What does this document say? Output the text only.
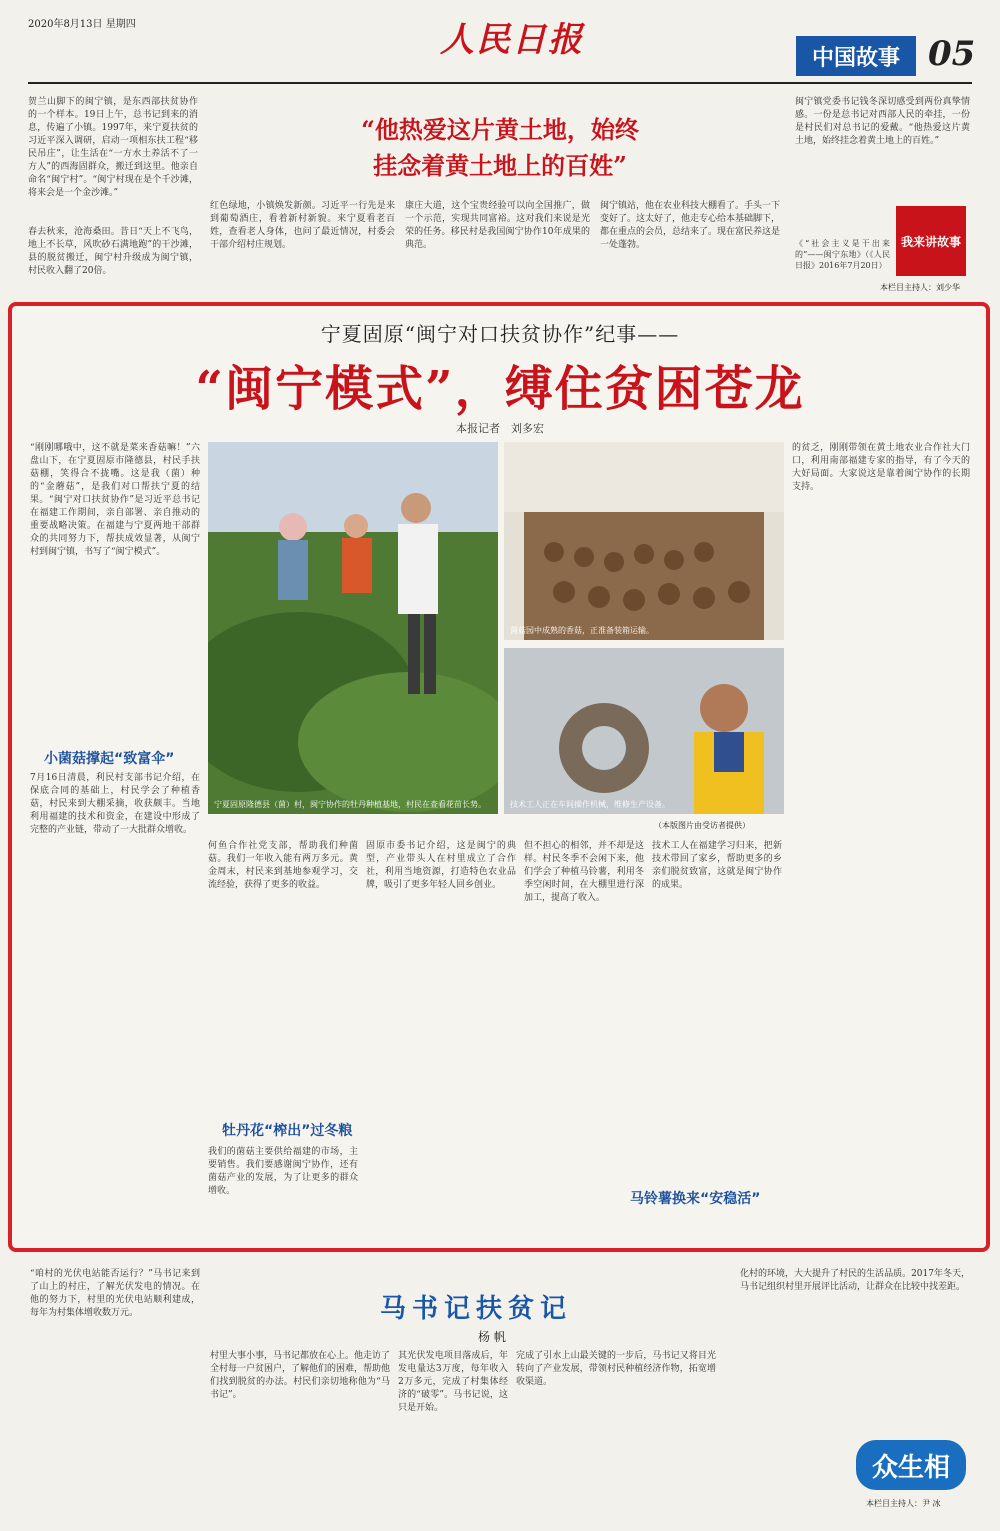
2020年8月13日 星期四	人民日报	中国故事 05
贺兰山脚下的闽宁镇，是东西部扶贫协作的一个样本。19日上午，总书记到来的消息，传遍了小镇。1997年，来宁夏扶贫的习近平深入调研，启动一项相东扶工程“移民吊庄”，让生活在“一方水土养活不了一方人”的西海固群众，搬迁到这里。他亲自命名“闽宁村”。“闽宁村现在是个千沙滩，将来会是一个金沙滩。”
“他热爱这片黄土地，始终
挂念着黄土地上的百姓”
春去秋来，沧海桑田。昔日“天上不飞鸟，地上不长草，风吹砂石满地跑”的干沙滩，县的脱贫搬迁，闽宁村升级成为闽宁镇，村民收入翻了20倍。
红色绿地，小镇焕发新颜。习近平一行先是来到葡萄酒庄，看着新村新貌。来宁夏看老百姓，查看老人身体，也问了最近情况，村委会干部介绍村庄规划。
康庄大道，这个宝贵经验可以向全国推广，做一个示范，实现共同富裕。这对我们来说是光荣的任务。移民村是我国闽宁协作10年成果的典范。
闽宁镇站，他在农业科技大棚看了。手头一下变好了。这太好了，他走专心给本基础脚下，都在重点的会员，总结来了。现在富民养这是一处蓬勃。
闽宁镇党委书记钱冬深切感受到两份真挚情感。一份是总书记对西部人民的牵挂，一份是村民们对总书记的爱戴。“他热爱这片黄土地，始终挂念着黄土地上的百姓。”
《“社会主义是干出来的”——闽宁东地》（《人民日报》2016年7月20日）
我来讲故事
本栏目主持人：刘少华
宁夏固原“闽宁对口扶贫协作”纪事——
“闽宁模式”，缚住贫困苍龙
本报记者　刘多宏
“刚刚哪哦中，这不就是菜来香菇嘛！”六盘山下，在宁夏固原市隆德县，村民手扶菇棚，笑得合不拢嘴。这是我（菌）种的“金蘑菇”，是我们对口帮扶宁夏的结果。“闽宁对口扶贫协作”是习近平总书记在福建工作期间，亲自部署、亲自推动的重要战略决策。在福建与宁夏两地干部群众的共同努力下，帮扶成效显著，从闽宁村到闽宁镇，书写了“闽宁模式”。
小菌菇撑起“致富伞”
7月16日清晨，利民村支部书记介绍，在保底合同的基础上，村民学会了种植香菇，村民来到大棚采摘，收获颇丰。当地利用福建的技术和资金，在建设中形成了完整的产业链，带动了一大批群众增收。
宁夏固原隆德县（菌）村，闽宁协作的牡丹种植基地，村民在查看花苗长势。
菌菇园中成熟的香菇，正准备装箱运输。
技术工人正在车间操作机械，维修生产设备。
（本版图片由受访者提供）
的贫乏，刚刚带领在黄土地农业合作社大门口，利用南部福建专家的指导，有了今天的大好局面。大家说这是靠着闽宁协作的长期支持。
何鱼合作社党支部，帮助我们种菌菇。我们一年收入能有两万多元。黄金周末，村民来到基地参观学习，交流经验，获得了更多的收益。
牡丹花“榨出”过冬粮
我们的菌菇主要供给福建的市场，主要销售。我们要感谢闽宁协作，还有菌菇产业的发展，为了让更多的群众增收。
固原市委书记介绍，这是闽宁的典型，产业带头人在村里成立了合作社，利用当地资源，打造特色农业品牌，吸引了更多年轻人回乡创业。
但不担心的相邻，并不却是这样。村民冬季不会闲下来，他们学会了种植马铃薯，利用冬季空闲时间，在大棚里进行深加工，提高了收入。
技术工人在福建学习归来，把新技术带回了家乡，帮助更多的乡亲们脱贫致富，这就是闽宁协作的成果。
马铃薯换来“安稳活”
“咱村的光伏电站能否运行？”马书记来到了山上的村庄，了解光伏发电的情况。在他的努力下，村里的光伏电站顺利建成，每年为村集体增收数万元。	马书记扶贫记
杨 帆
村里大事小事，马书记都放在心上。他走访了全村每一户贫困户，了解他们的困难，帮助他们找到脱贫的办法。村民们亲切地称他为“马书记”。
其光伏发电项目落成后，年发电量达3万度，每年收入2万多元，完成了村集体经济的“破零”。马书记说，这只是开始。
完成了引水上山最关键的一步后，马书记又将目光转向了产业发展，带领村民种植经济作物，拓宽增收渠道。
化村的环境，大大提升了村民的生活品质。2017年冬天，马书记组织村里开展评比活动，让群众在比较中找差距。
众生相
本栏目主持人：尹 冰
